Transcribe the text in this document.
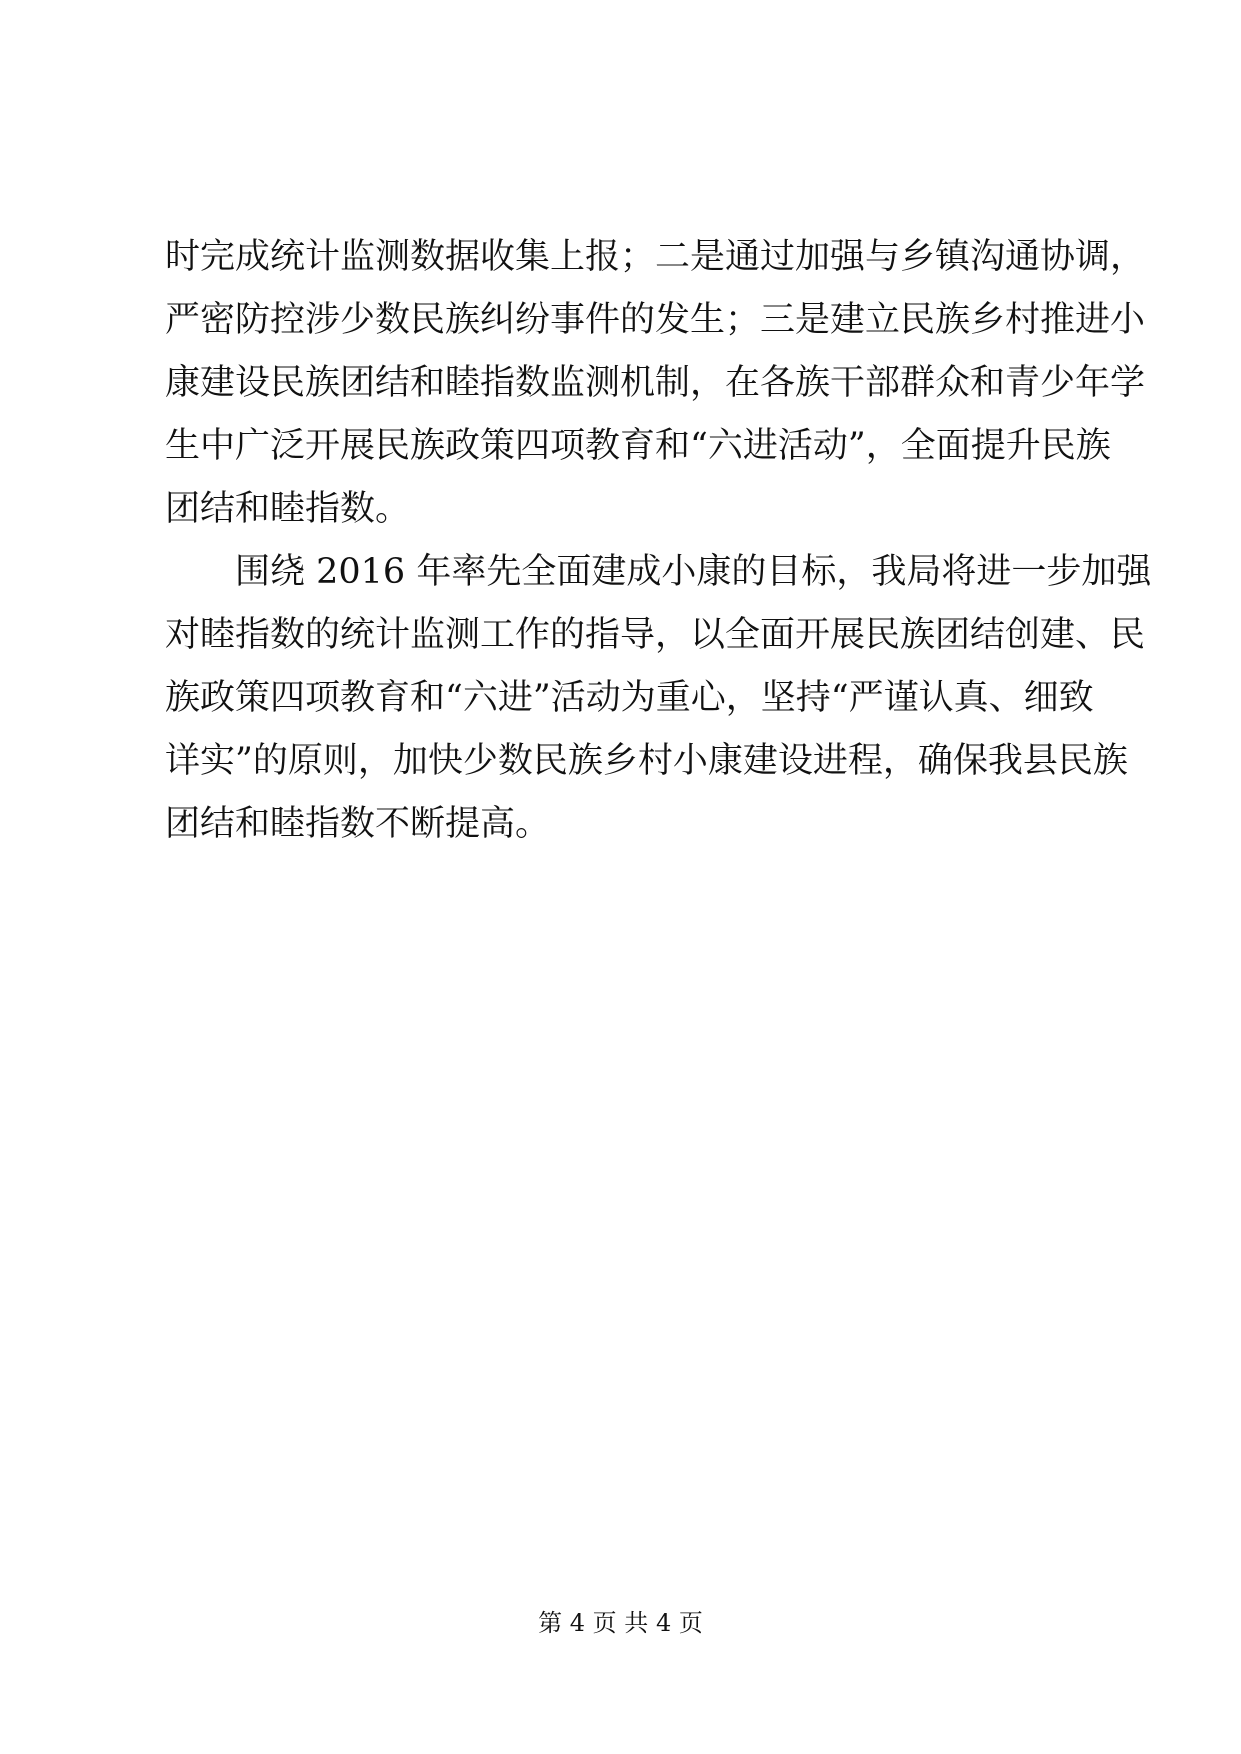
时完成统计监测数据收集上报；二是通过加强与乡镇沟通协调，
严密防控涉少数民族纠纷事件的发生；三是建立民族乡村推进小
康建设民族团结和睦指数监测机制，在各族干部群众和青少年学
生中广泛开展民族政策四项教育和“六进活动”，全面提升民族
团结和睦指数。
围绕 2016 年率先全面建成小康的目标，我局将进一步加强
对睦指数的统计监测工作的指导，以全面开展民族团结创建、民
族政策四项教育和“六进”活动为重心，坚持“严谨认真、细致
详实”的原则，加快少数民族乡村小康建设进程，确保我县民族
团结和睦指数不断提高。
第 4 页 共 4 页
